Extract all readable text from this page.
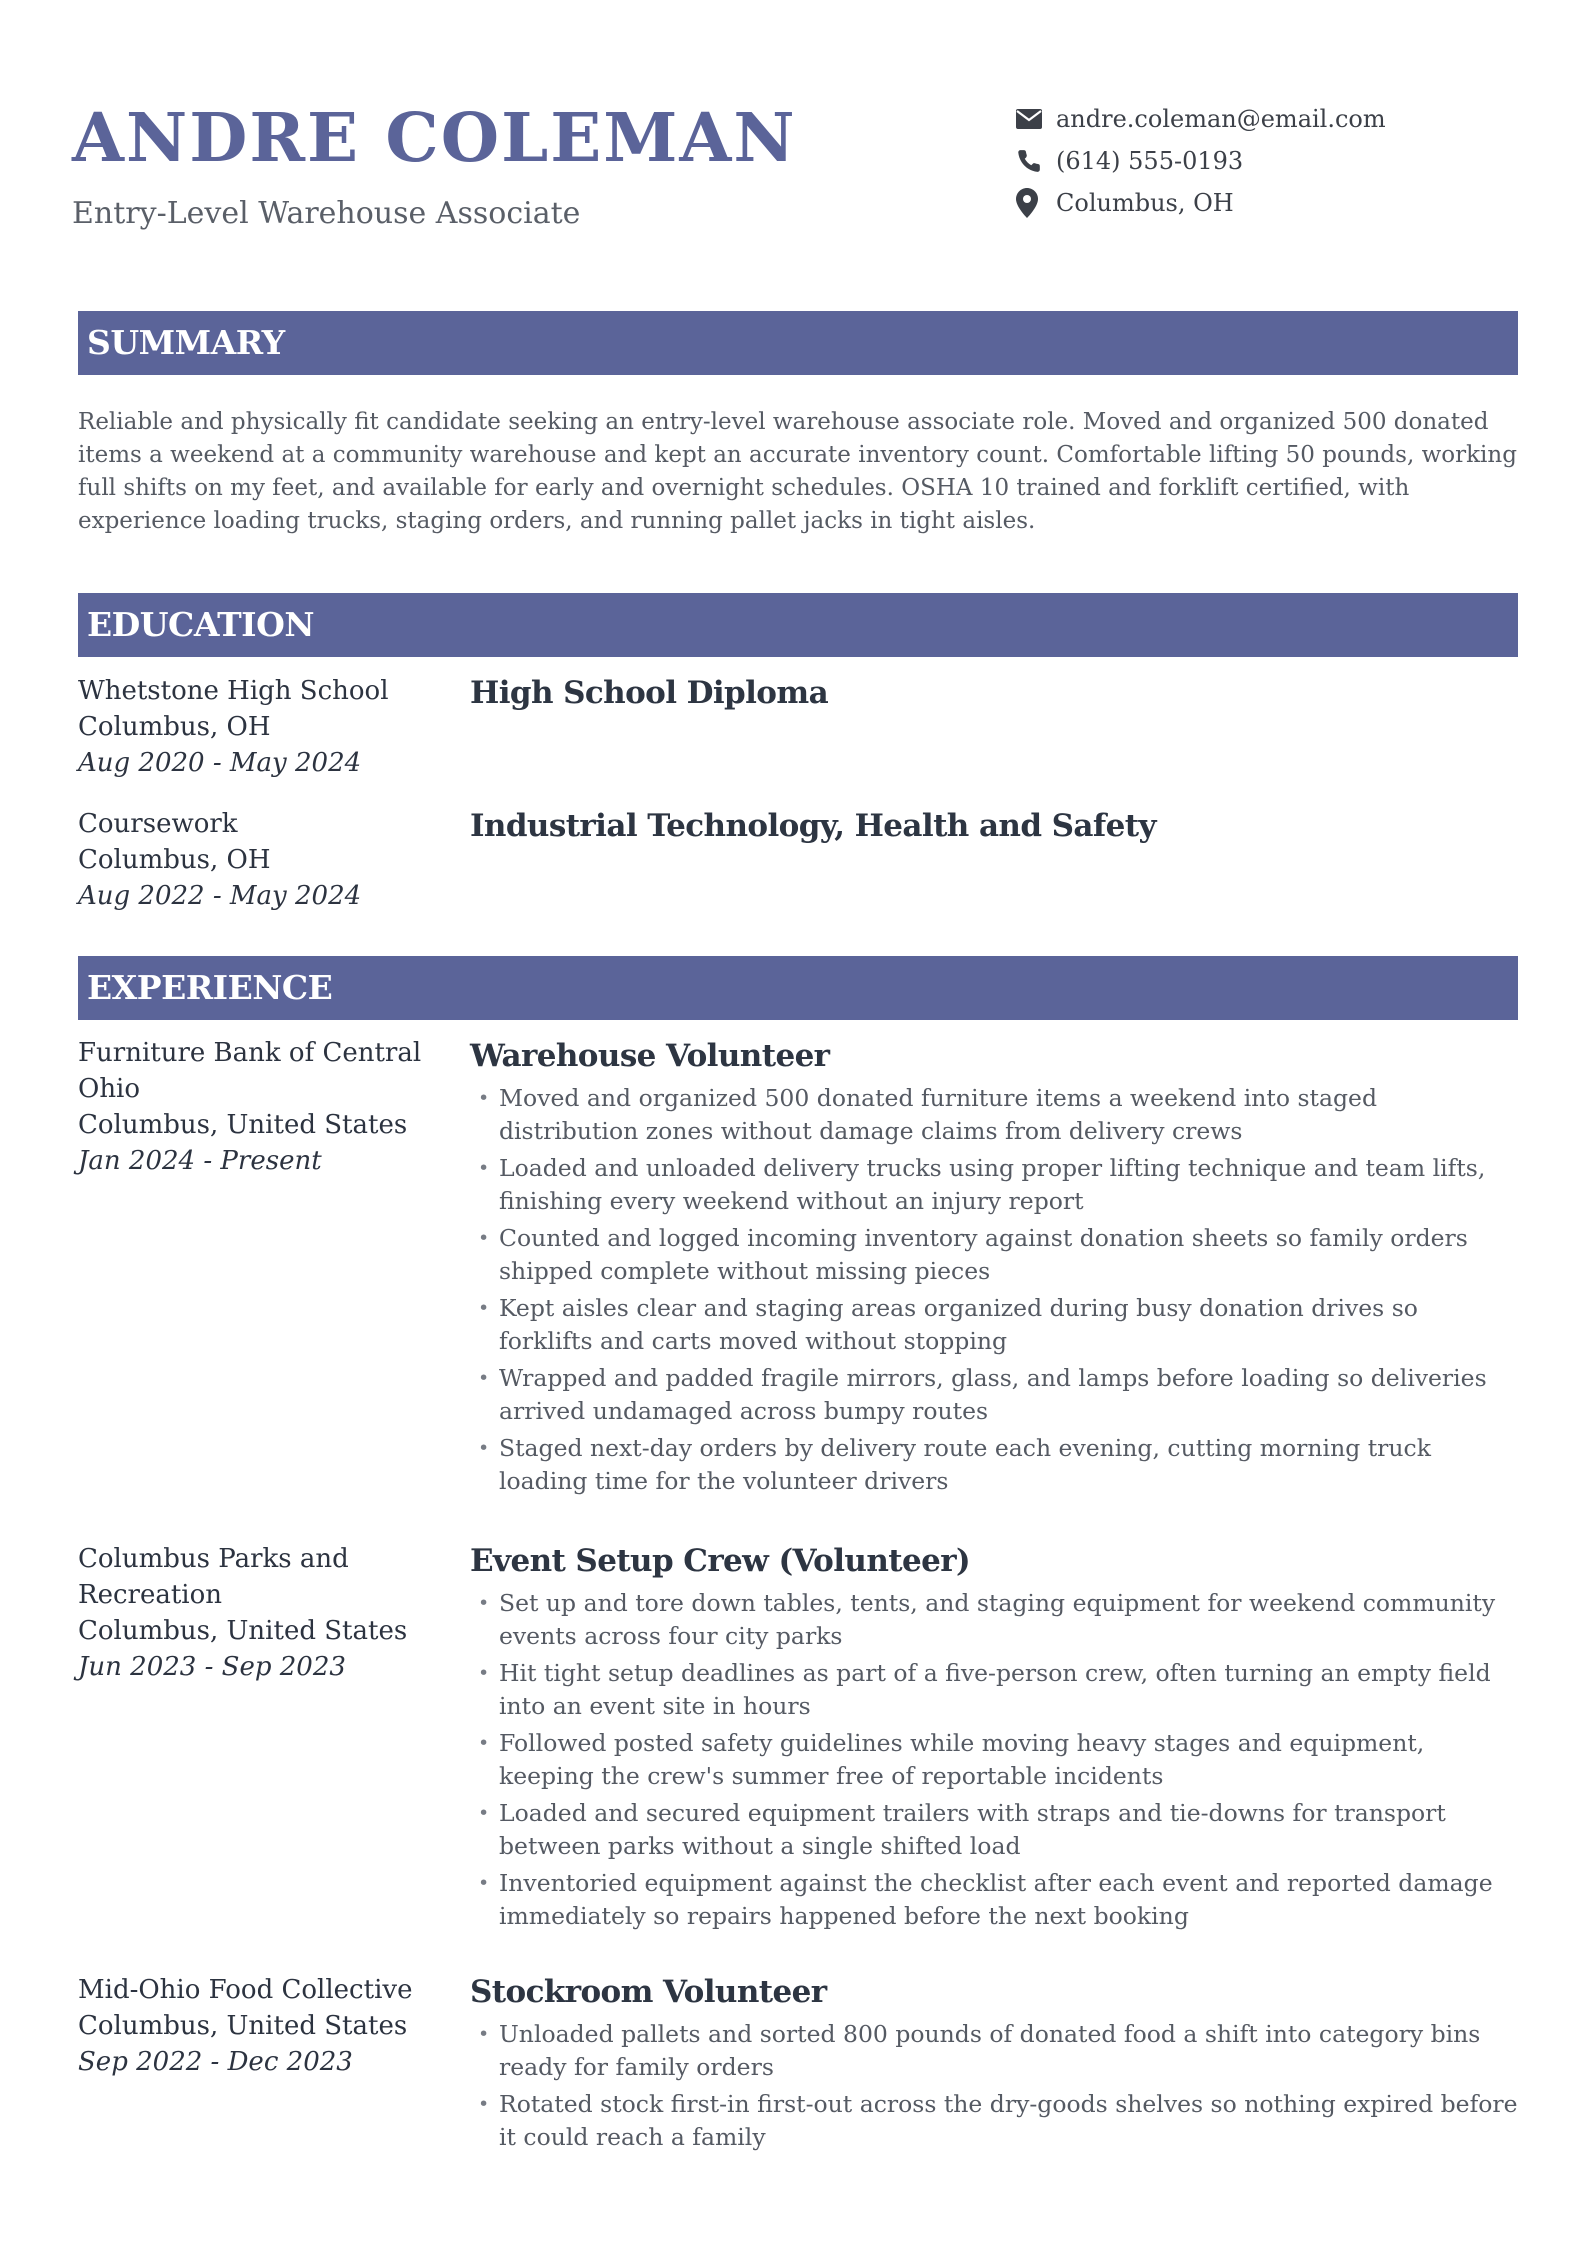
ANDRE COLEMAN
Entry-Level Warehouse Associate
andre.coleman@email.com
(614) 555-0193
Columbus, OH
SUMMARY
Reliable and physically fit candidate seeking an entry-level warehouse associate role. Moved and organized 500 donated items a weekend at a community warehouse and kept an accurate inventory count. Comfortable lifting 50 pounds, working full shifts on my feet, and available for early and overnight schedules. OSHA 10 trained and forklift certified, with experience loading trucks, staging orders, and running pallet jacks in tight aisles.
EDUCATION
Whetstone High School
Columbus, OH
Aug 2020 - May 2024
High School Diploma
Coursework
Columbus, OH
Aug 2022 - May 2024
Industrial Technology, Health and Safety
EXPERIENCE
Furniture Bank of Central Ohio
Columbus, United States
Jan 2024 - Present
Warehouse Volunteer
• Moved and organized 500 donated furniture items a weekend into staged distribution zones without damage claims from delivery crews
• Loaded and unloaded delivery trucks using proper lifting technique and team lifts, finishing every weekend without an injury report
• Counted and logged incoming inventory against donation sheets so family orders shipped complete without missing pieces
• Kept aisles clear and staging areas organized during busy donation drives so forklifts and carts moved without stopping
• Wrapped and padded fragile mirrors, glass, and lamps before loading so deliveries arrived undamaged across bumpy routes
• Staged next-day orders by delivery route each evening, cutting morning truck loading time for the volunteer drivers
Columbus Parks and Recreation
Columbus, United States
Jun 2023 - Sep 2023
Event Setup Crew (Volunteer)
• Set up and tore down tables, tents, and staging equipment for weekend community events across four city parks
• Hit tight setup deadlines as part of a five-person crew, often turning an empty field into an event site in hours
• Followed posted safety guidelines while moving heavy stages and equipment, keeping the crew's summer free of reportable incidents
• Loaded and secured equipment trailers with straps and tie-downs for transport between parks without a single shifted load
• Inventoried equipment against the checklist after each event and reported damage immediately so repairs happened before the next booking
Mid-Ohio Food Collective
Columbus, United States
Sep 2022 - Dec 2023
Stockroom Volunteer
• Unloaded pallets and sorted 800 pounds of donated food a shift into category bins ready for family orders
• Rotated stock first-in first-out across the dry-goods shelves so nothing expired before it could reach a family
